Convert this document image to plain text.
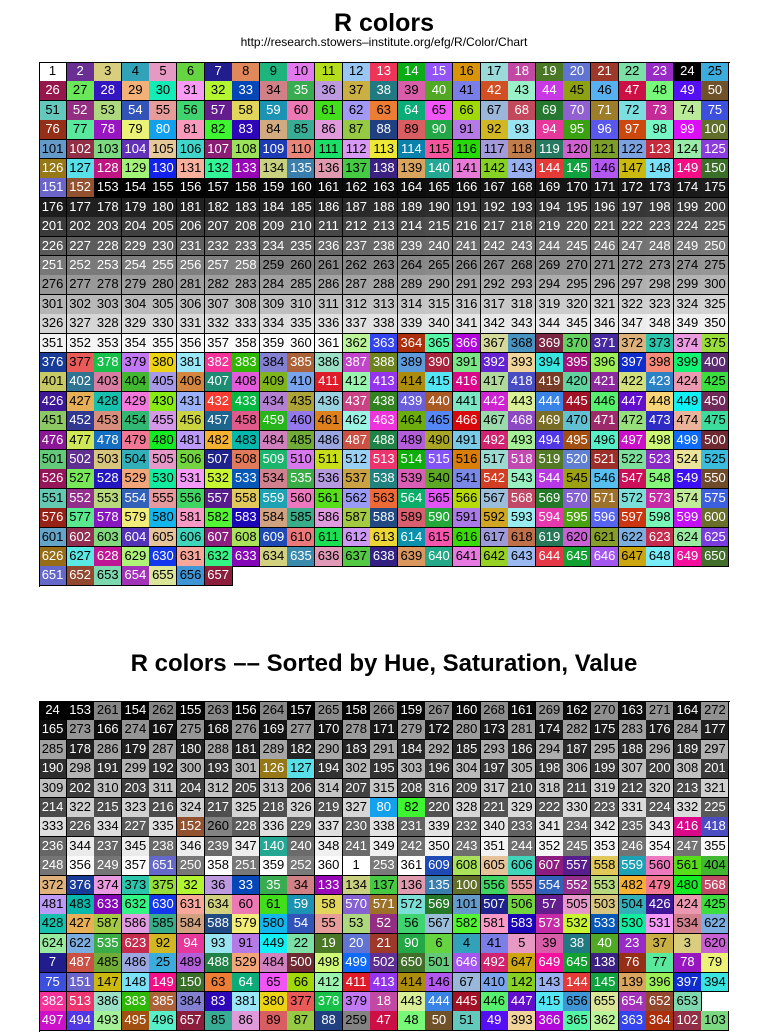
R colors
http://research.stowers–institute.org/efg/R/Color/Chart
1	2	3	4	5	6	7	8	9	10	11	12	13	14	15	16	17	18	19	20	21	22	23	24	25
26	27	28	29	30	31	32	33	34	35	36	37	38	39	40	41	42	43	44	45	46	47	48	49	50
51	52	53	54	55	56	57	58	59	60	61	62	63	64	65	66	67	68	69	70	71	72	73	74	75
76	77	78	79	80	81	82	83	84	85	86	87	88	89	90	91	92	93	94	95	96	97	98	99 100
101 102 103 104 105 106 107 108 109 110 111 112 113 114 115 116 117 118 119 120 121 122 123 124 125
126 127 128 129 130 131 132 133 134 135 136 137 138 139 140 141 142 143 144 145 146 147 148 149 150
151 152 153 154 155 156 157 158 159 160 161 162 163 164 165 166 167 168 169 170 171 172 173 174 175
176 177 178 179 180 181 182 183 184 185 186 187 188 189 190 191 192 193 194 195 196 197 198 199 200
201 202 203 204 205 206 207 208 209 210 211 212 213 214 215 216 217 218 219 220 221 222 223 224 225
226 227 228 229 230 231 232 233 234 235 236 237 238 239 240 241 242 243 244 245 246 247 248 249 250
251 252 253 254 255 256 257 258 259 260 261 262 263 264 265 266 267 268 269 270 271 272 273 274 275
276 277 278 279 280 281 282 283 284 285 286 287 288 289 290 291 292 293 294 295 296 297 298 299 300
301 302 303 304 305 306 307 308 309 310 311 312 313 314 315 316 317 318 319 320 321 322 323 324 325
326 327 328 329 330 331 332 333 334 335 336 337 338 339 340 341 342 343 344 345 346 347 348 349 350
351 352 353 354 355 356 357 358 359 360 361 362 363 364 365 366 367 368 369 370 371 372 373 374 375
376 377 378 379 380 381 382 383 384 385 386 387 388 389 390 391 392 393 394 395 396 397 398 399 400
401 402 403 404 405 406 407 408 409 410 411 412 413 414 415 416 417 418 419 420 421 422 423 424 425
426 427 428 429 430 431 432 433 434 435 436 437 438 439 440 441 442 443 444 445 446 447 448 449 450
451 452 453 454 455 456 457 458 459 460 461 462 463 464 465 466 467 468 469 470 471 472 473 474 475
476 477 478 479 480 481 482 483 484 485 486 487 488 489 490 491 492 493 494 495 496 497 498 499 500
501 502 503 504 505 506 507 508 509 510 511 512 513 514 515 516 517 518 519 520 521 522 523 524 525
526 527 528 529 530 531 532 533 534 535 536 537 538 539 540 541 542 543 544 545 546 547 548 549 550
551 552 553 554 555 556 557 558 559 560 561 562 563 564 565 566 567 568 569 570 571 572 573 574 575
576 577 578 579 580 581 582 583 584 585 586 587 588 589 590 591 592 593 594 595 596 597 598 599 600
601 602 603 604 605 606 607 608 609 610 611 612 613 614 615 616 617 618 619 620 621 622 623 624 625
626 627 628 629 630 631 632 633 634 635 636 637 638 639 640 641 642 643 644 645 646 647 648 649 650
651 652 653 654 655 656 657
R colors –– Sorted by Hue, Saturation, Value
24 153 261 154 262 155 263 156 264 157 265 158 266 159 267 160 268 161 269 162 270 163 271 164 272
165 273 166 274 167 275 168 276 169 277 170 278 171 279 172 280 173 281 174 282 175 283 176 284 177
285 178 286 179 287 180 288 181 289 182 290 183 291 184 292 185 293 186 294 187 295 188 296 189 297
190 298 191 299 192 300 193 301 126 127 194 302 195 303 196 304 197 305 198 306 199 307 200 308 201
309 202 310 203 311 204 312 205 313 206 314 207 315 208 316 209 317 210 318 211 319 212 320 213 321
214 322 215 323 216 324 217 325 218 326 219 327 80	82 220 328 221 329 222 330 223 331 224 332 225
333 226 334 227 335 152 260 228 336 229 337 230 338 231 339 232 340 233 341 234 342 235 343 416 418
236 344 237 345 238 346 239 347 140 240 348 241 349 242 350 243 351 244 352 245 353 246 354 247 355
248 356 249 357 651 250 358 251 359 252 360	1	253 361 609 608 605 606 607 557 558 559 560 561 404
372 376 374 373 375 32	36	33	35	34 133 134 137 136 135 100 556 555 554 552 553 482 479 480 568
481 483 633 632 630 631 634 60	61	59	58 570 571 572 569 101 507 506 57 505 503 504 426 424 425
428 427 587 586 585 584 588 579 580 54	55	53	52	56 567 582 581 583 573 532 533 530 531 534 622
624 622 535 623 92	94	93	91 449 22	19	20	21	90	6	4	41	5	39	38	40	23	37	3	620
7	487 485 486 25 489 488 529 484 500 498 499 502 650 501 646 492 647 649 645 138 76	77	78	79
75 151 147 148 149 150 63	64	65	66 412 411 413 414 146 67 410 142 143 144 145 139 396 397 394
382 513 386 383 385 384 83 381 380 377 378 379 18 443 444 445 446 447 415 656 655 654 652 653
497 494 493 495 496 657 85	86	89	87	88 259 47	48	50	51	49 393 366 365 362 363 364 102 103
